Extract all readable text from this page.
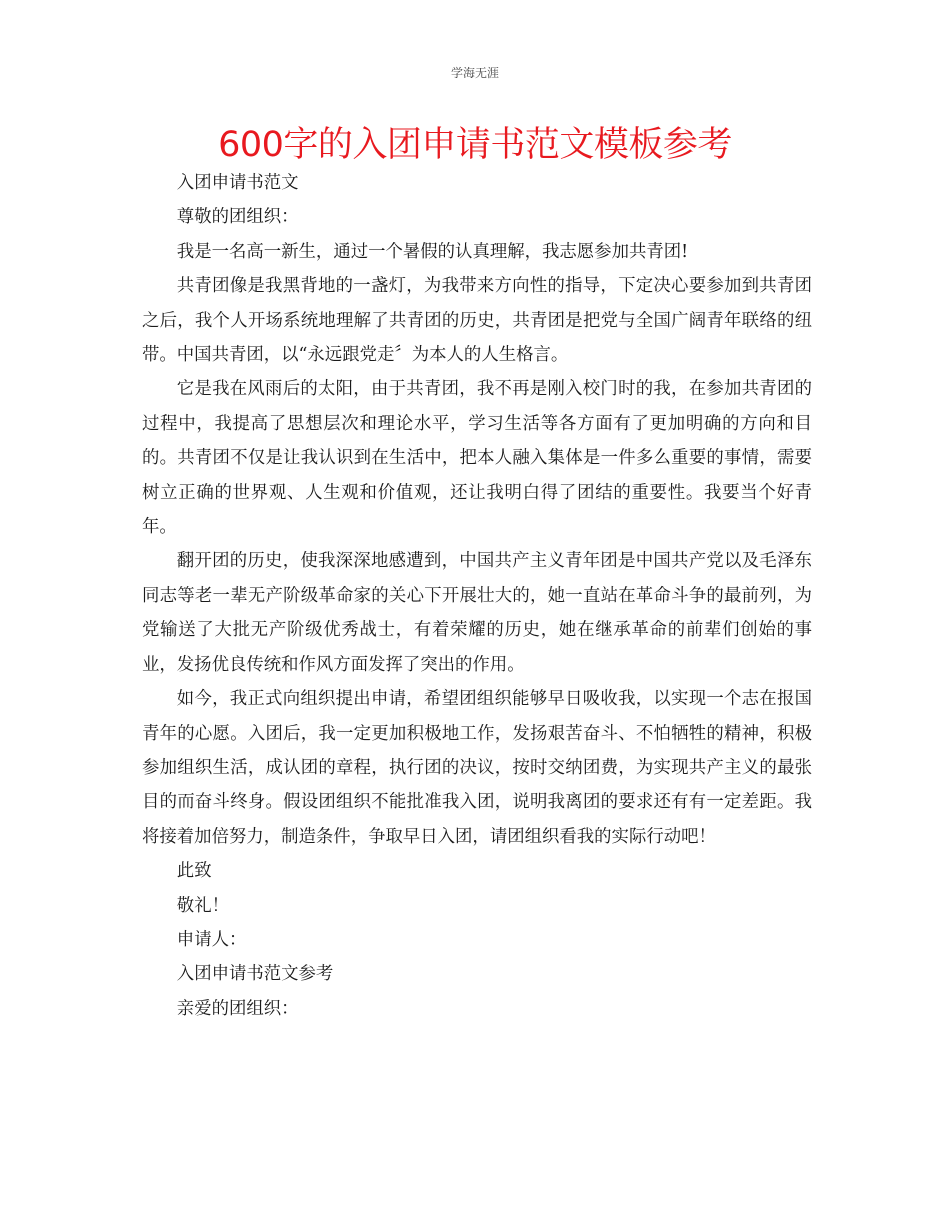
学海无涯
600字的入团申请书范文模板参考

入团申请书范文

尊敬的团组织：

我是一名高一新生，通过一个暑假的认真理解，我志愿参加共青团!

共青团像是我黑背地的一盏灯，为我带来方向性的指导，下定决心要参加到共青团之后，我个人开场系统地理解了共青团的历史，共青团是把党与全国广阔青年联络的纽带。中国共青团，以“永远跟党走〞为本人的人生格言。

它是我在风雨后的太阳，由于共青团，我不再是刚入校门时的我，在参加共青团的过程中，我提高了思想层次和理论水平，学习生活等各方面有了更加明确的方向和目的。共青团不仅是让我认识到在生活中，把本人融入集体是一件多么重要的事情，需要树立正确的世界观、人生观和价值观，还让我明白得了团结的重要性。我要当个好青年。

翻开团的历史，使我深深地感遭到，中国共产主义青年团是中国共产党以及毛泽东同志等老一辈无产阶级革命家的关心下开展壮大的，她一直站在革命斗争的最前列，为党输送了大批无产阶级优秀战士，有着荣耀的历史，她在继承革命的前辈们创始的事业，发扬优良传统和作风方面发挥了突出的作用。

如今，我正式向组织提出申请，希望团组织能够早日吸收我，以实现一个志在报国青年的心愿。入团后，我一定更加积极地工作，发扬艰苦奋斗、不怕牺牲的精神，积极参加组织生活，成认团的章程，执行团的决议，按时交纳团费，为实现共产主义的最张目的而奋斗终身。假设团组织不能批准我入团，说明我离团的要求还有有一定差距。我将接着加倍努力，制造条件，争取早日入团，请团组织看我的实际行动吧！

此致

敬礼！

申请人：

入团申请书范文参考

亲爱的团组织：
